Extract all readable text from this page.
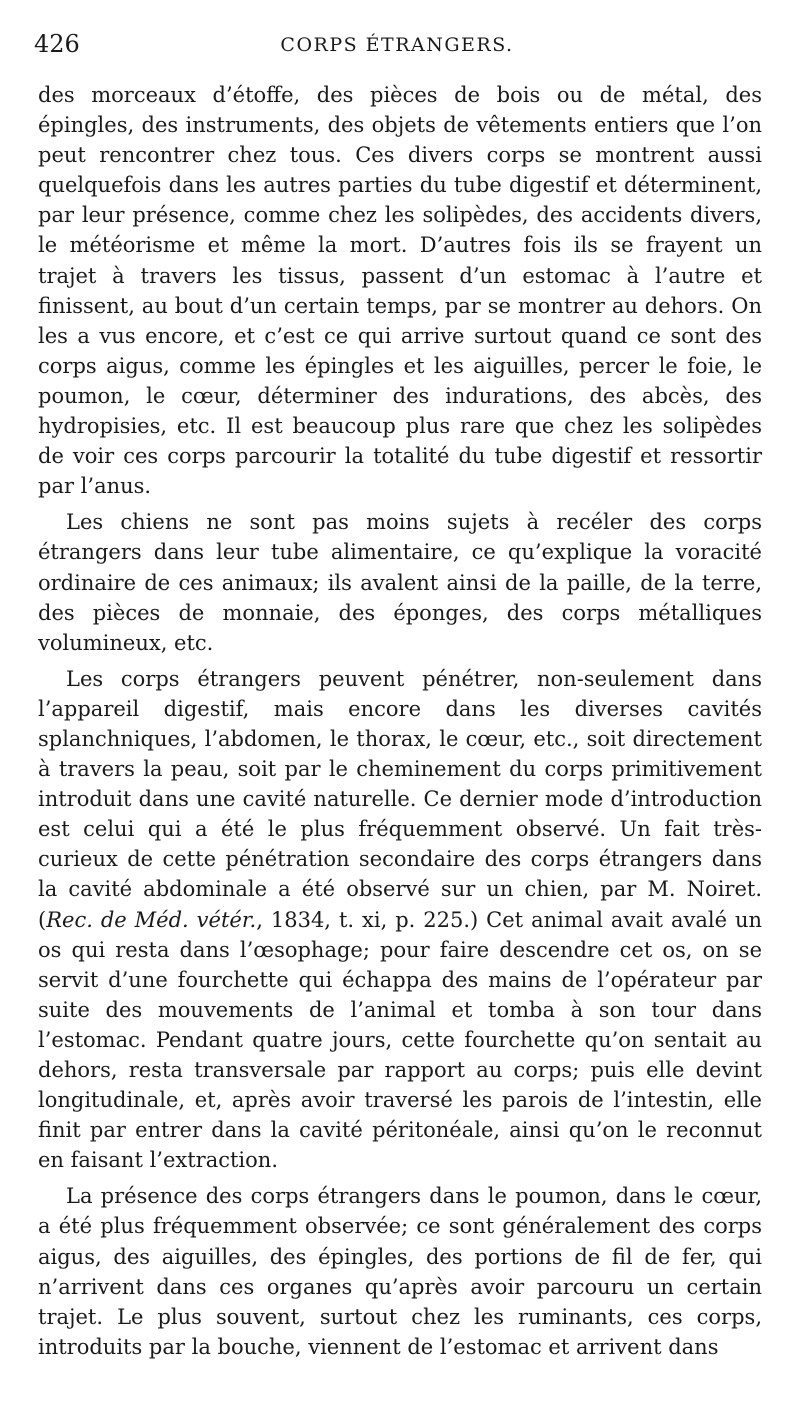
426	CORPS ÉTRANGERS.

des morceaux d’étoffe, des pièces de bois ou de métal, des épingles, des instruments, des objets de vêtements entiers que l’on peut rencontrer chez tous. Ces divers corps se montrent aussi quelquefois dans les autres parties du tube digestif et déterminent, par leur présence, comme chez les solipèdes, des accidents divers, le météorisme et même la mort. D’autres fois ils se frayent un trajet à travers les tissus, passent d’un estomac à l’autre et finissent, au bout d’un certain temps, par se montrer au dehors. On les a vus encore, et c’est ce qui arrive surtout quand ce sont des corps aigus, comme les épingles et les aiguilles, percer le foie, le poumon, le cœur, déterminer des indurations, des abcès, des hydropisies, etc. Il est beaucoup plus rare que chez les solipèdes de voir ces corps parcourir la totalité du tube digestif et ressortir par l’anus.

Les chiens ne sont pas moins sujets à recéler des corps étrangers dans leur tube alimentaire, ce qu’explique la voracité ordinaire de ces animaux; ils avalent ainsi de la paille, de la terre, des pièces de monnaie, des éponges, des corps métalliques volumineux, etc.

Les corps étrangers peuvent pénétrer, non-seulement dans l’appareil digestif, mais encore dans les diverses cavités splanchniques, l’abdomen, le thorax, le cœur, etc., soit directement à travers la peau, soit par le cheminement du corps primitivement introduit dans une cavité naturelle. Ce dernier mode d’introduction est celui qui a été le plus fréquemment observé. Un fait très-curieux de cette pénétration secondaire des corps étrangers dans la cavité abdominale a été observé sur un chien, par M. Noiret. (Rec. de Méd. vétér., 1834, t. xi, p. 225.) Cet animal avait avalé un os qui resta dans l’œsophage; pour faire descendre cet os, on se servit d’une fourchette qui échappa des mains de l’opérateur par suite des mouvements de l’animal et tomba à son tour dans l’estomac. Pendant quatre jours, cette fourchette qu’on sentait au dehors, resta transversale par rapport au corps; puis elle devint longitudinale, et, après avoir traversé les parois de l’intestin, elle finit par entrer dans la cavité péritonéale, ainsi qu’on le reconnut en faisant l’extraction.

La présence des corps étrangers dans le poumon, dans le cœur, a été plus fréquemment observée; ce sont généralement des corps aigus, des aiguilles, des épingles, des portions de fil de fer, qui n’arrivent dans ces organes qu’après avoir parcouru un certain trajet. Le plus souvent, surtout chez les ruminants, ces corps, introduits par la bouche, viennent de l’estomac et arrivent dans
